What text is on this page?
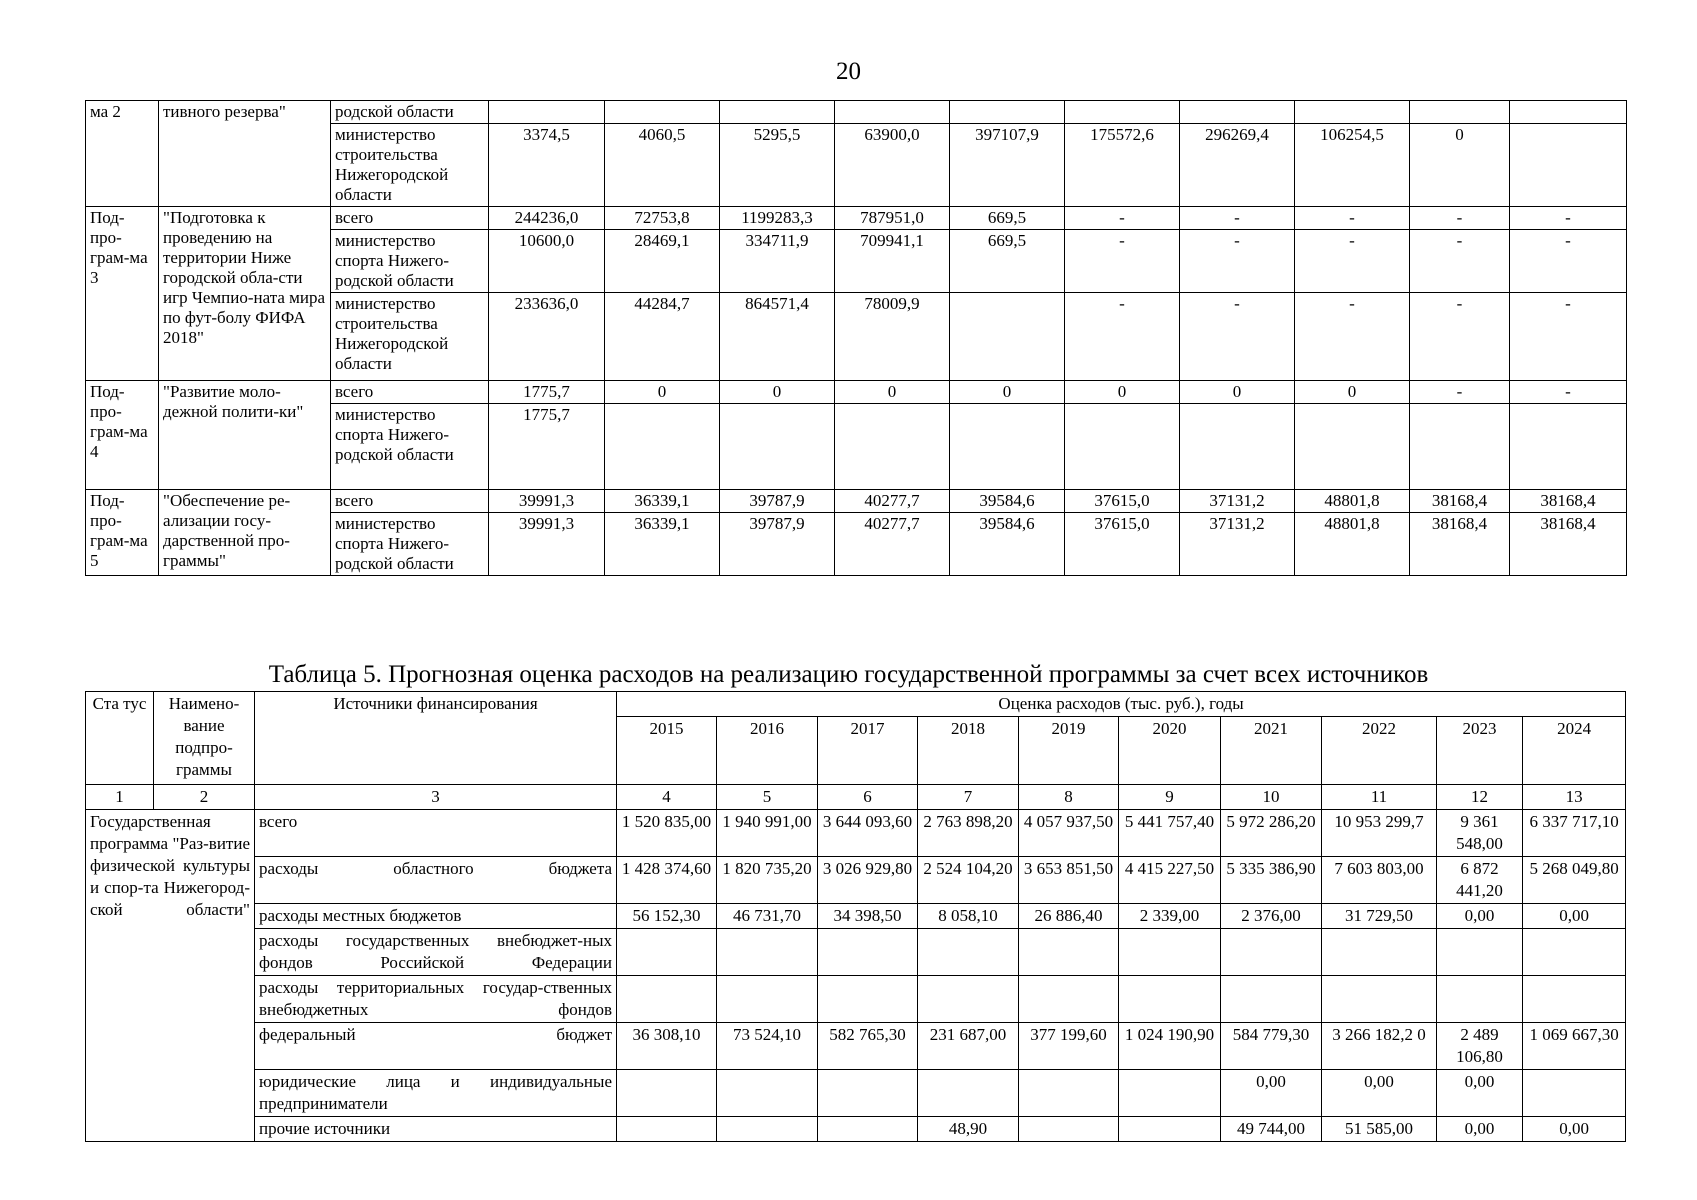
20
ма 2	тивного резерва"	родской области										
		министерство строительства Нижегородской области	3374,5	4060,5	5295,5	63900,0	397107,9	175572,6	296269,4	106254,5	0	
Под-про-грам-ма 3	"Подготовка к проведению на территории Ниже городской обла-сти игр Чемпио-ната мира по фут-болу ФИФА 2018"	всего	244236,0	72753,8	1199283,3	787951,0	669,5	-	-	-	-	-
		министерство спорта Нижего-родской области	10600,0	28469,1	334711,9	709941,1	669,5	-	-	-	-	-
		министерство строительства Нижегородской области	233636,0	44284,7	864571,4	78009,9		-	-	-	-	-
Под-про-грам-ма 4	"Развитие моло-дежной полити-ки"	всего	1775,7	0	0	0	0	0	0	0	-	-
		министерство спорта Нижего-родской области	1775,7									
Под-про-грам-ма 5	"Обеспечение ре-ализации госу-дарственной про-граммы"	всего	39991,3	36339,1	39787,9	40277,7	39584,6	37615,0	37131,2	48801,8	38168,4	38168,4
		министерство спорта Нижего-родской области	39991,3	36339,1	39787,9	40277,7	39584,6	37615,0	37131,2	48801,8	38168,4	38168,4
Таблица 5. Прогнозная оценка расходов на реализацию государственной программы за счет всех источников
Ста тус	Наимено-вание подпро-граммы	Источники финансирования	Оценка расходов (тыс. руб.), годы									
			2015	2016	2017	2018	2019	2020	2021	2022	2023	2024
1	2	3	4	5	6	7	8	9	10	11	12	13
Государственная программа "Раз-витие физической культуры и спор-та Нижегород-ской области"		всего	1 520 835,00	1 940 991,00	3 644 093,60	2 763 898,20	4 057 937,50	5 441 757,40	5 972 286,20	10 953 299,7	9 361 548,00	6 337 717,10
		расходы областного бюджета	1 428 374,60	1 820 735,20	3 026 929,80	2 524 104,20	3 653 851,50	4 415 227,50	5 335 386,90	7 603 803,00	6 872 441,20	5 268 049,80
		расходы местных бюджетов	56 152,30	46 731,70	34 398,50	8 058,10	26 886,40	2 339,00	2 376,00	31 729,50	0,00	0,00
		расходы государственных внебюджет-ных фондов Российской Федерации										
		расходы территориальных государ-ственных внебюджетных фондов										
		федеральный бюджет	36 308,10	73 524,10	582 765,30	231 687,00	377 199,60	1 024 190,90	584 779,30	3 266 182,2 0	2 489 106,80	1 069 667,30
		юридические лица и индивидуальные предприниматели							0,00	0,00	0,00	
		прочие источники				48,90			49 744,00	51 585,00	0,00	0,00
